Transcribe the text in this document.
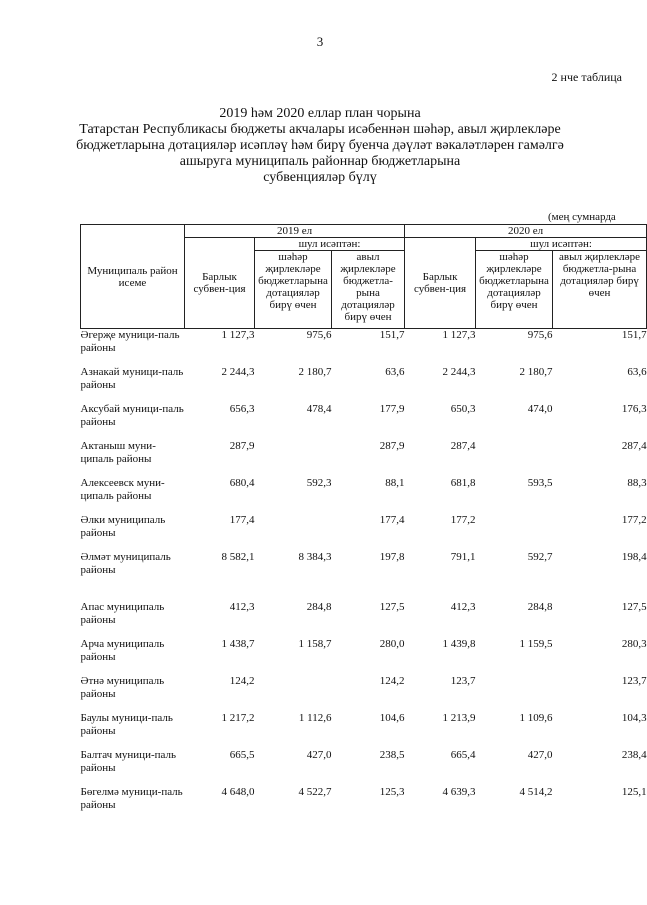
3
2 нче таблица
2019 һәм 2020 еллар план чорына
Татарстан Республикасы бюджеты акчалары исәбеннән шәһәр, авыл җирлекләре
бюджетларына дотацияләр исәпләү һәм бирү буенча дәүләт вәкаләтләрен гамәлгә
ашыруга муниципаль районнар бюджетларына
субвенцияләр бүлү
(мең сумнарда
Муниципаль район исеме	2019 ел			2020 ел		
	Барлык субвен-ция	шул исәптән:		Барлык субвен-ция	шул исәптән:	
		шәһәр җирлекләре бюджетларына дотацияләр бирү өчен	авыл җирлекләре бюджетла-рына дотацияләр бирү өчен		шәһәр җирлекләре бюджетларына дотацияләр бирү өчен	авыл җирлекләре бюджетла-рына дотацияләр бирү өчен
Әгерҗе муници-паль районы	1 127,3	975,6	151,7	1 127,3	975,6	151,7
Азнакай муници-паль районы	2 244,3	2 180,7	63,6	2 244,3	2 180,7	63,6
Аксубай муници-паль районы	656,3	478,4	177,9	650,3	474,0	176,3
Актаныш муни-ципаль районы	287,9		287,9	287,4		287,4
Алексеевск муни-ципаль районы	680,4	592,3	88,1	681,8	593,5	88,3
Әлки муниципаль районы	177,4		177,4	177,2		177,2
Әлмәт муниципаль районы	8 582,1	8 384,3	197,8	791,1	592,7	198,4
Апас муниципаль районы	412,3	284,8	127,5	412,3	284,8	127,5
Арча муниципаль районы	1 438,7	1 158,7	280,0	1 439,8	1 159,5	280,3
Әтнә муниципаль районы	124,2		124,2	123,7		123,7
Баулы муници-паль районы	1 217,2	1 112,6	104,6	1 213,9	1 109,6	104,3
Балтач муници-паль районы	665,5	427,0	238,5	665,4	427,0	238,4
Бөгелмә муници-паль районы	4 648,0	4 522,7	125,3	4 639,3	4 514,2	125,1
